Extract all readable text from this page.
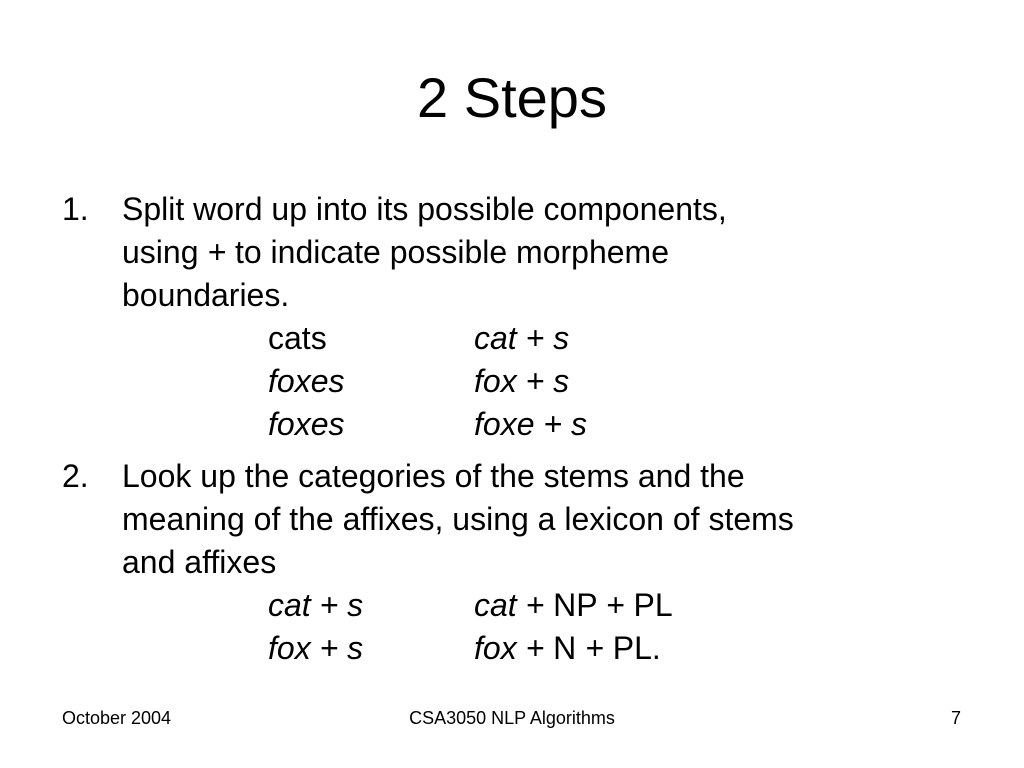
2 Steps
1. Split word up into its possible components,
using + to indicate possible morpheme
boundaries.
cats	cat + s
foxes	fox + s
foxes	foxe + s
2. Look up the categories of the stems and the
meaning of the affixes, using a lexicon of stems
and affixes
cat + s	cat + NP + PL
fox + s	fox + N + PL.
October 2004	CSA3050 NLP Algorithms	7
